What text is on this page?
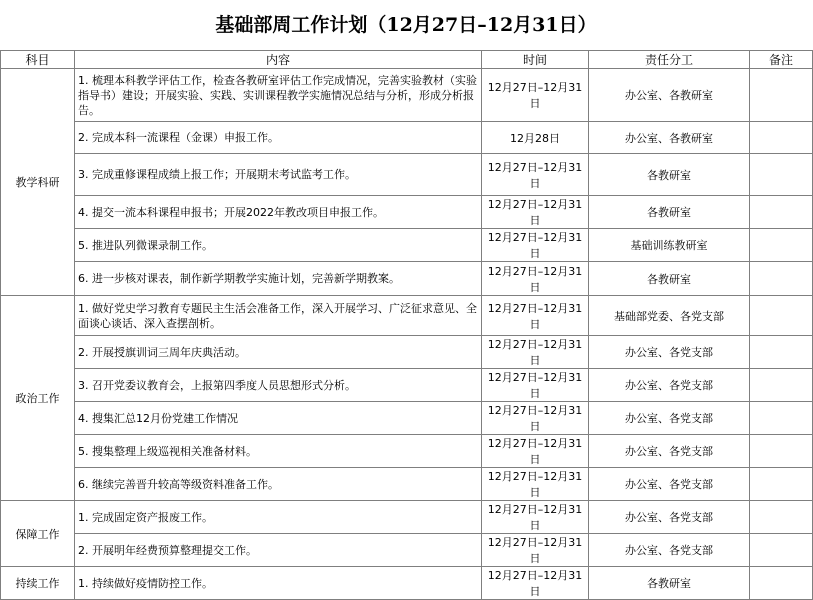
基础部周工作计划（12月27日–12月31日）
科目	内容	时间	责任分工	备注
教学科研	1. 梳理本科教学评估工作，检查各教研室评估工作完成情况，完善实验教材（实验指导书）建设；开展实验、实践、实训课程教学实施情况总结与分析，形成分析报告。	12月27日–12月31日	办公室、各教研室	
	2. 完成本科一流课程（金课）申报工作。	12月28日	办公室、各教研室	
	3. 完成重修课程成绩上报工作；开展期末考试监考工作。	12月27日–12月31日	各教研室	
	4. 提交一流本科课程申报书；开展2022年教改项目申报工作。	12月27日–12月31日	各教研室	
	5. 推进队列微课录制工作。	12月27日–12月31日	基础训练教研室	
	6. 进一步核对课表，制作新学期教学实施计划，完善新学期教案。	12月27日–12月31日	各教研室	
政治工作	1. 做好党史学习教育专题民主生活会准备工作，深入开展学习、广泛征求意见、全面谈心谈话、深入查摆剖析。	12月27日–12月31日	基础部党委、各党支部	
	2. 开展授旗训词三周年庆典活动。	12月27日–12月31日	办公室、各党支部	
	3. 召开党委议教育会，上报第四季度人员思想形式分析。	12月27日–12月31日	办公室、各党支部	
	4. 搜集汇总12月份党建工作情况	12月27日–12月31日	办公室、各党支部	
	5. 搜集整理上级巡视相关准备材料。	12月27日–12月31日	办公室、各党支部	
	6. 继续完善晋升较高等级资料准备工作。	12月27日–12月31日	办公室、各党支部	
保障工作	1. 完成固定资产报废工作。	12月27日–12月31日	办公室、各党支部	
	2. 开展明年经费预算整理提交工作。	12月27日–12月31日	办公室、各党支部	
持续工作	1. 持续做好疫情防控工作。	12月27日–12月31日	各教研室	
